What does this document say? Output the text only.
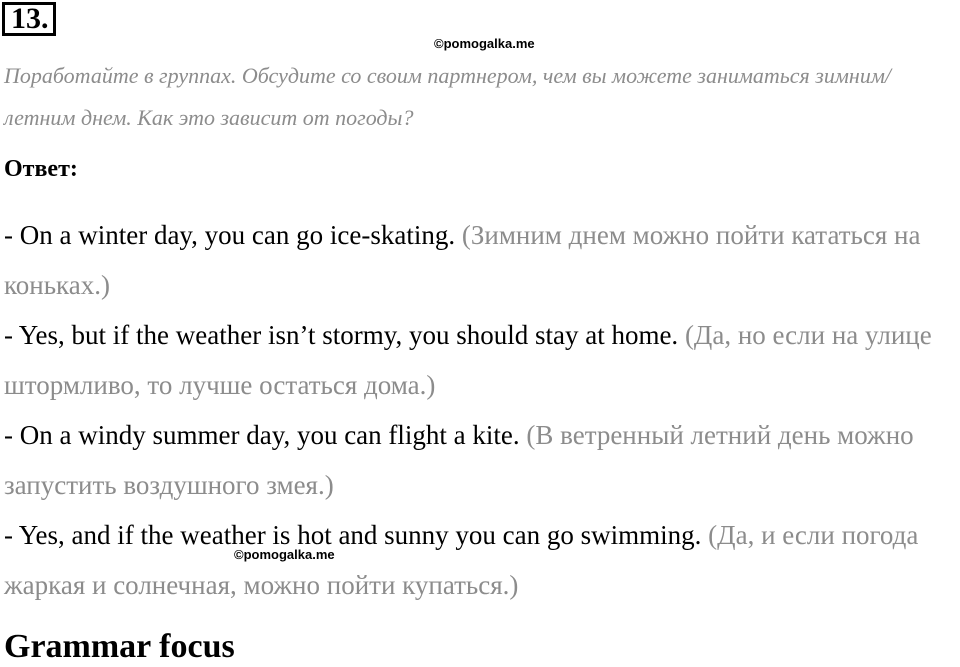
13.
©pomogalka.me
Поработайте в группах. Обсудите со своим партнером, чем вы можете заниматься зимним/летним днем. Как это зависит от погоды?
Ответ:

- On a winter day, you can go ice-skating. (Зимним днем можно пойти кататься на коньках.)

- Yes, but if the weather isn’t stormy, you should stay at home. (Да, но если на улице штормливо, то лучше остаться дома.)

- On a windy summer day, you can flight a kite. (В ветренный летний день можно запустить воздушного змея.)

- Yes, and if the weather is hot and sunny you can go swimming. (Да, и если погода жаркая и солнечная, можно пойти купаться.)

©pomogalka.me
Grammar focus
